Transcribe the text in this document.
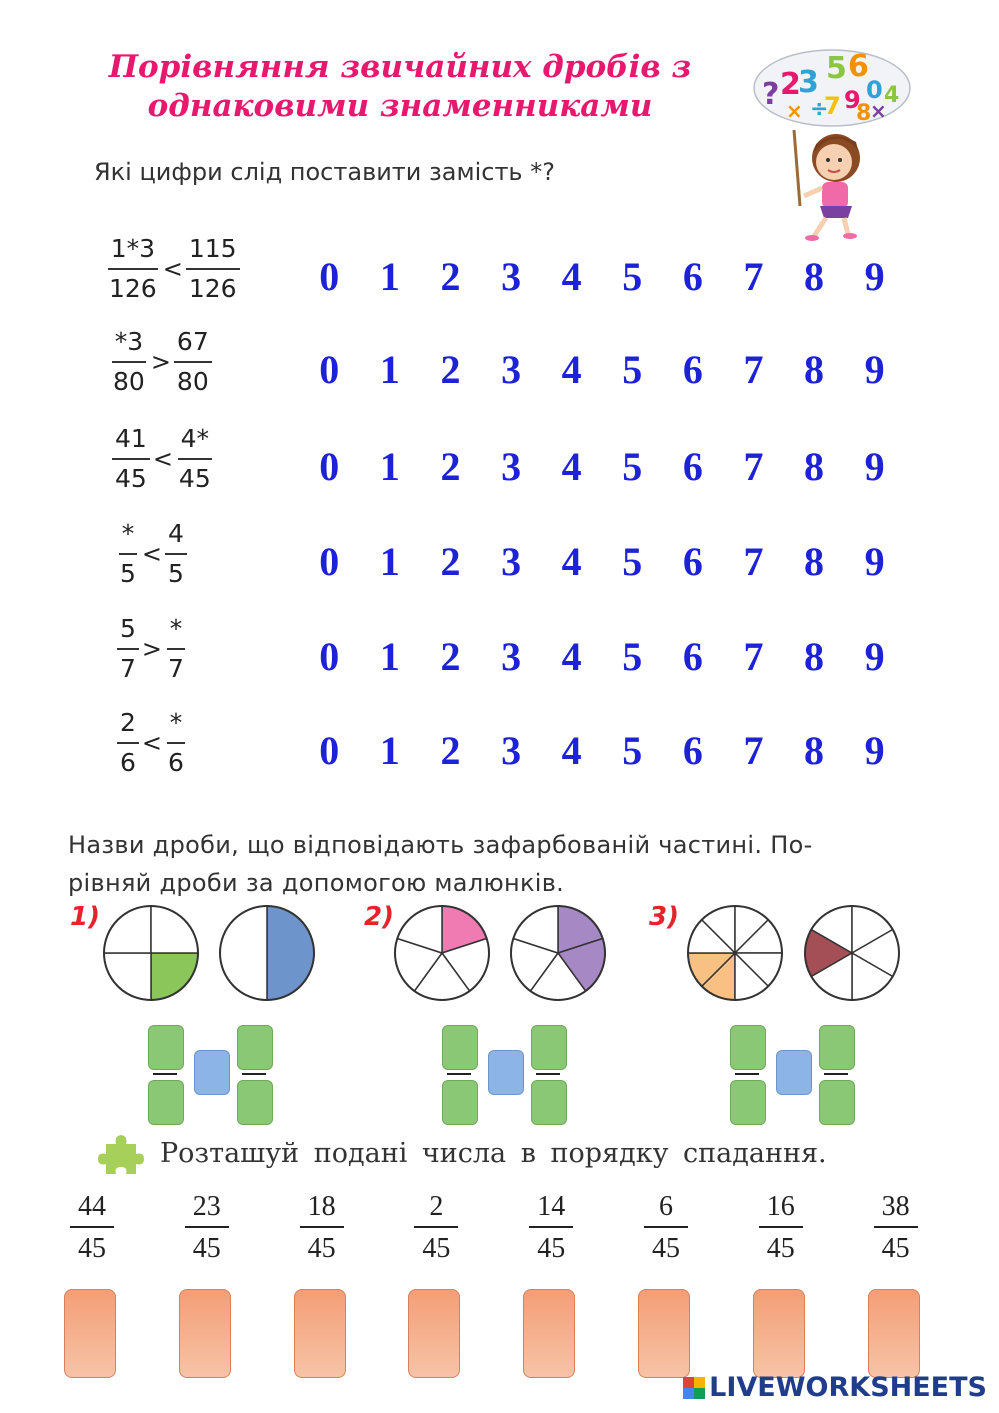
Порівняння звичайних дробів з
однаковими знаменниками	? 2
3 5 6
9
7
÷
0 4
×
8
×
Які цифри слід поставити замість *?
$\frac{1*3}{126} < \frac{115}{126}$	0	1	2	3	4	5	6	7	8	9
$\frac{*3}{80} > \frac{67}{80}$	0	1	2	3	4	5	6	7	8	9
$\frac{41}{45} < \frac{4*}{45}$	0	1	2	3	4	5	6	7	8	9
$\frac{*}{5} < \frac{4}{5}$	0	1	2	3	4	5	6	7	8	9
$\frac{5}{7} > \frac{*}{7}$	0	1	2	3	4	5	6	7	8	9
$\frac{2}{6} < \frac{*}{6}$	0	1	2	3	4	5	6	7	8	9
Назви дроби, що відповідають зафарбованій частині. По-
рівняй дроби за допомогою малюнків.
1)	2)	3)
Розташуй подані числа в порядку спадання.
$\frac{44}{45}$	$\frac{23}{45}$	$\frac{18}{45}$	$\frac{2}{45}$	$\frac{14}{45}$	$\frac{6}{45}$	$\frac{16}{45}$	$\frac{38}{45}$
LIVEWORKSHEETS
